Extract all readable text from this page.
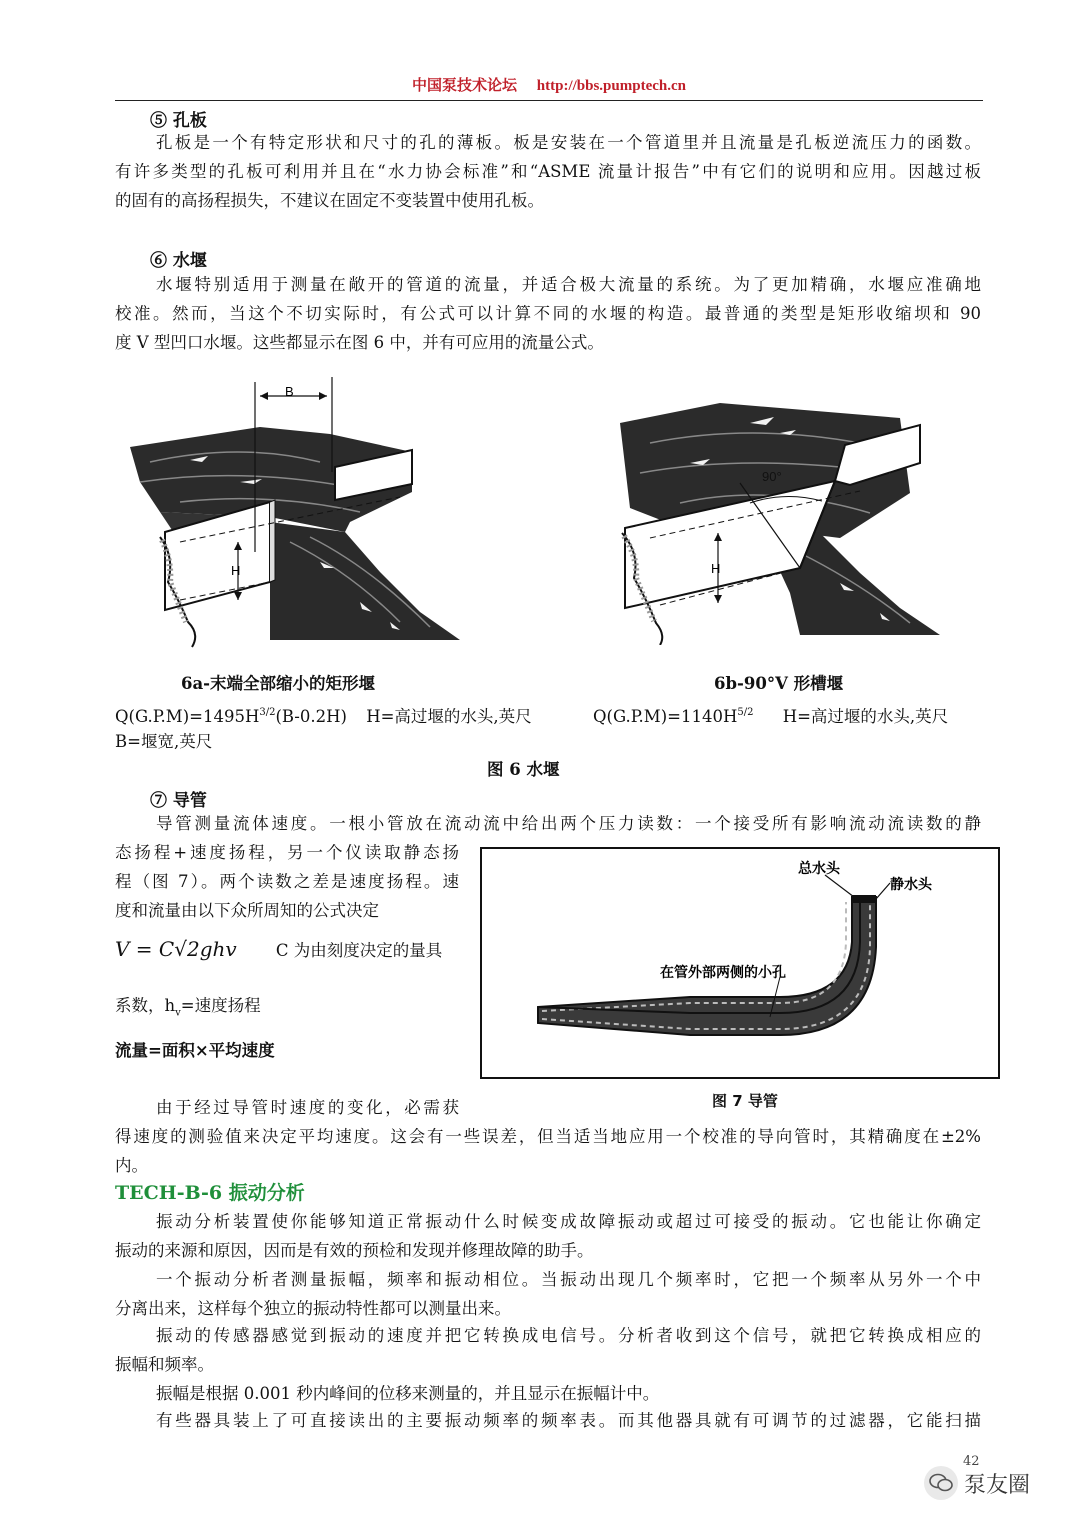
中国泵技术论坛 http://bbs.pumptech.cn
⑤ 孔板
孔板是一个有特定形状和尺寸的孔的薄板。板是安装在一个管道里并且流量是孔板逆流压力的函数。
有许多类型的孔板可利用并且在“水力协会标准”和“ASME 流量计报告”中有它们的说明和应用。因越过板
的固有的高扬程损失，不建议在固定不变装置中使用孔板。
⑥ 水堰
水堰特别适用于测量在敞开的管道的流量，并适合极大流量的系统。为了更加精确，水堰应准确地
校准。然而，当这个不切实际时，有公式可以计算不同的水堰的构造。最普通的类型是矩形收缩坝和 90
度 V 型凹口水堰。这些都显示在图 6 中，并有可应用的流量公式。
B
H
90°
H
6a-末端全部缩小的矩形堰	6b-90°V 形槽堰
$Q(G.P.M)=1495H^{3/2}(B-0.2H)$ H=高过堰的水头,英尺	$Q(G.P.M)=1140H^{5/2}$ H=高过堰的水头,英尺
B=堰宽,英尺
图 6 水堰
⑦ 导管
导管测量流体速度。一根小管放在流动流中给出两个压力读数：一个接受所有影响流动流读数的静
态扬程+速度扬程，另一个仪读取静态扬
程（图 7）。两个读数之差是速度扬程。速
度和流量由以下众所周知的公式决定
V = C√2ghv C 为由刻度决定的量具
系数，$h_v=$速度扬程
流量=面积×平均速度
由于经过导管时速度的变化，必需获
得速度的测验值来决定平均速度。这会有一些误差，但当适当地应用一个校准的导向管时，其精确度在±2%
内。
总水头
静水头
在管外部两侧的小孔
图 7 导管
TECH-B-6 振动分析
振动分析装置使你能够知道正常振动什么时候变成故障振动或超过可接受的振动。它也能让你确定
振动的来源和原因，因而是有效的预检和发现并修理故障的助手。
一个振动分析者测量振幅，频率和振动相位。当振动出现几个频率时，它把一个频率从另外一个中
分离出来，这样每个独立的振动特性都可以测量出来。
振动的传感器感觉到振动的速度并把它转换成电信号。分析者收到这个信号，就把它转换成相应的
振幅和频率。
振幅是根据 0.001 秒内峰间的位移来测量的，并且显示在振幅计中。
有些器具装上了可直接读出的主要振动频率的频率表。而其他器具就有可调节的过滤器，它能扫描
42
泵友圈
